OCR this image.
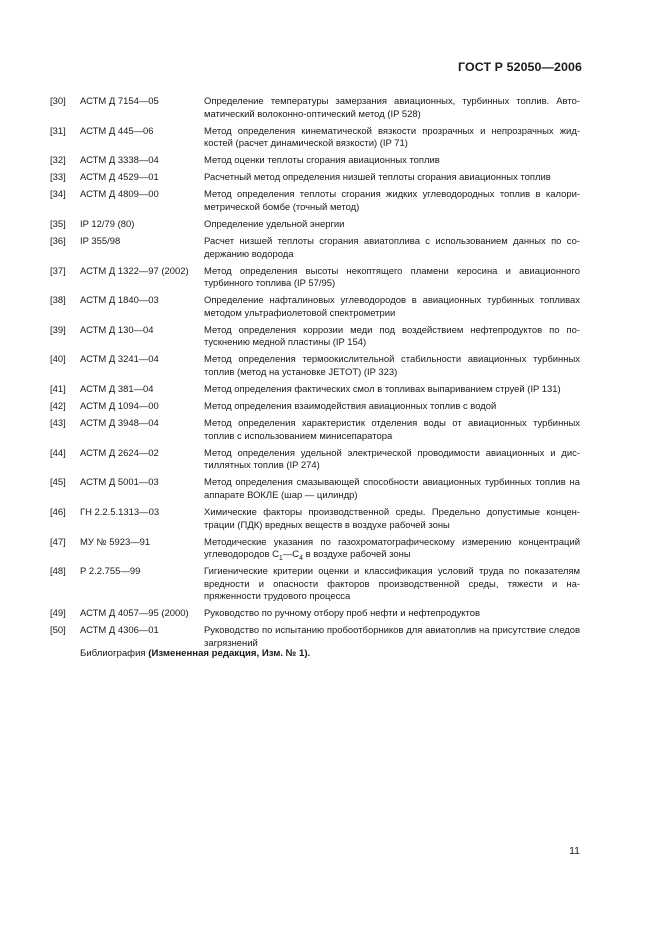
ГОСТ Р 52050—2006
[30]	АСТМ Д 7154—05	Определение температуры замерзания авиационных, турбинных топлив. Автоматический волоконно-оптический метод (IP 528)
[31]	АСТМ Д 445—06	Метод определения кинематической вязкости прозрачных и непрозрачных жидкостей (расчет динамической вязкости) (IP 71)
[32]	АСТМ Д 3338—04	Метод оценки теплоты сгорания авиационных топлив
[33]	АСТМ Д 4529—01	Расчетный метод определения низшей теплоты сгорания авиационных топлив
[34]	АСТМ Д 4809—00	Метод определения теплоты сгорания жидких углеводородных топлив в калориметрической бомбе (точный метод)
[35]	IP 12/79 (80)	Определение удельной энергии
[36]	IP 355/98	Расчет низшей теплоты сгорания авиатоплива с использованием данных по содержанию водорода
[37]	АСТМ Д 1322—97 (2002)	Метод определения высоты некоптящего пламени керосина и авиационного турбинного топлива (IP 57/95)
[38]	АСТМ Д 1840—03	Определение нафталиновых углеводородов в авиационных турбинных топливах методом ультрафиолетовой спектрометрии
[39]	АСТМ Д 130—04	Метод определения коррозии меди под воздействием нефтепродуктов по потускнению медной пластины (IP 154)
[40]	АСТМ Д 3241—04	Метод определения термоокислительной стабильности авиационных турбинных топлив (метод на установке JETOT) (IP 323)
[41]	АСТМ Д 381—04	Метод определения фактических смол в топливах выпариванием струей (IP 131)
[42]	АСТМ Д 1094—00	Метод определения взаимодействия авиационных топлив с водой
[43]	АСТМ Д 3948—04	Метод определения характеристик отделения воды от авиационных турбинных топлив с использованием минисепаратора
[44]	АСТМ Д 2624—02	Метод определения удельной электрической проводимости авиационных и дистиллятных топлив (IP 274)
[45]	АСТМ Д 5001—03	Метод определения смазывающей способности авиационных турбинных топлив на аппарате ВОКЛЕ (шар — цилиндр)
[46]	ГН 2.2.5.1313—03	Химические факторы производственной среды. Предельно допустимые концентрации (ПДК) вредных веществ в воздухе рабочей зоны
[47]	МУ № 5923—91	Методические указания по газохроматографическому измерению концентраций углеводородов $С_1—С_4$ в воздухе рабочей зоны
[48]	Р 2.2.755—99	Гигиенические критерии оценки и классификация условий труда по показателям вредности и опасности факторов производственной среды, тяжести и напряженности трудового процесса
[49]	АСТМ Д 4057—95 (2000)	Руководство по ручному отбору проб нефти и нефтепродуктов
[50]	АСТМ Д 4306—01	Руководство по испытанию пробоотборников для авиатоплив на присутствие следов загрязнений
Библиография (Измененная редакция, Изм. № 1).
11
